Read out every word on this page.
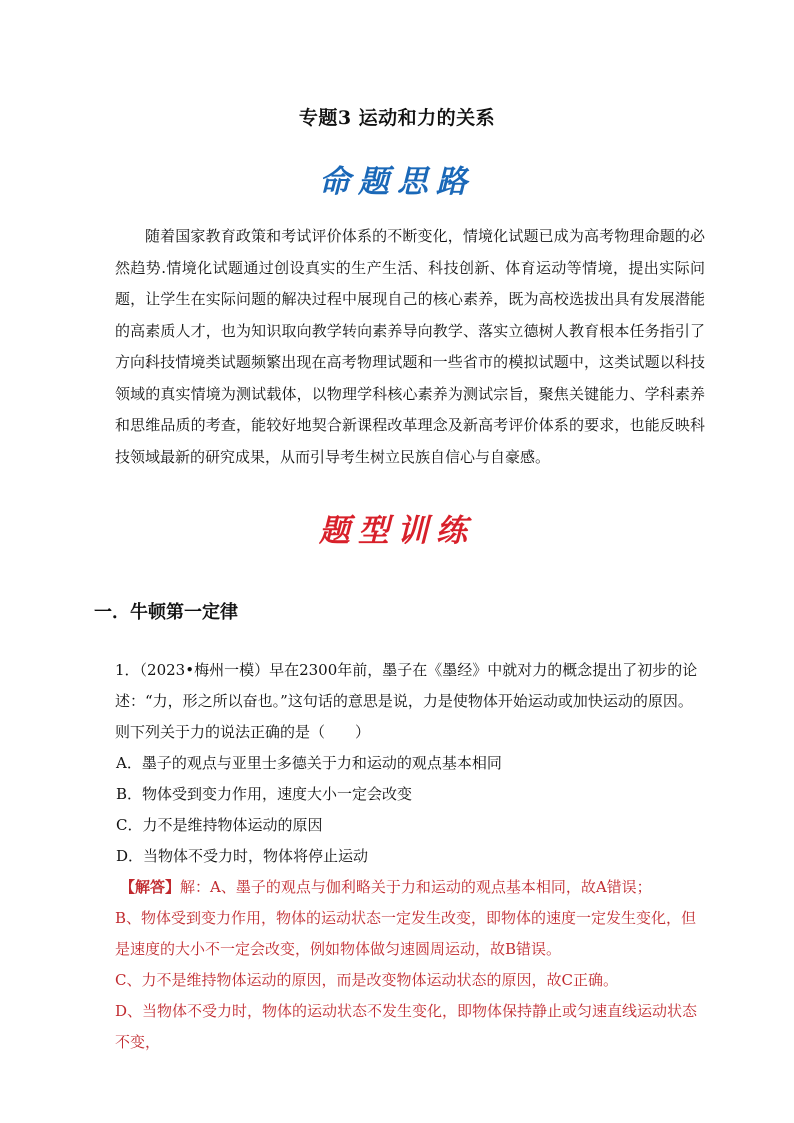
专题3 运动和力的关系
命题思路
随着国家教育政策和考试评价体系的不断变化，情境化试题已成为高考物理命题的必然趋势.情境化试题通过创设真实的生产生活、科技创新、体育运动等情境，提出实际问题，让学生在实际问题的解决过程中展现自己的核心素养，既为高校选拔出具有发展潜能的高素质人才，也为知识取向教学转向素养导向教学、落实立德树人教育根本任务指引了方向.
科技情境类试题频繁出现在高考物理试题和一些省市的模拟试题中，这类试题以科技领域的真实情境为测试载体，以物理学科核心素养为测试宗旨，聚焦关键能力、学科素养和思维品质的考查，能较好地契合新课程改革理念及新高考评价体系的要求，也能反映科技领域最新的研究成果，从而引导考生树立民族自信心与自豪感。
题型训练
一．牛顿第一定律
1．（2023•梅州一模）早在2300年前，墨子在《墨经》中就对力的概念提出了初步的论述：“力，形之所以奋也。”这句话的意思是说，力是使物体开始运动或加快运动的原因。则下列关于力的说法正确的是（　　）
A．墨子的观点与亚里士多德关于力和运动的观点基本相同
B．物体受到变力作用，速度大小一定会改变
C．力不是维持物体运动的原因
D．当物体不受力时，物体将停止运动
【解答】解：A、墨子的观点与伽利略关于力和运动的观点基本相同，故A错误；
B、物体受到变力作用，物体的运动状态一定发生改变，即物体的速度一定发生变化，但是速度的大小不一定会改变，例如物体做匀速圆周运动，故B错误。
C、力不是维持物体运动的原因，而是改变物体运动状态的原因，故C正确。
D、当物体不受力时，物体的运动状态不发生变化，即物体保持静止或匀速直线运动状态不变，
